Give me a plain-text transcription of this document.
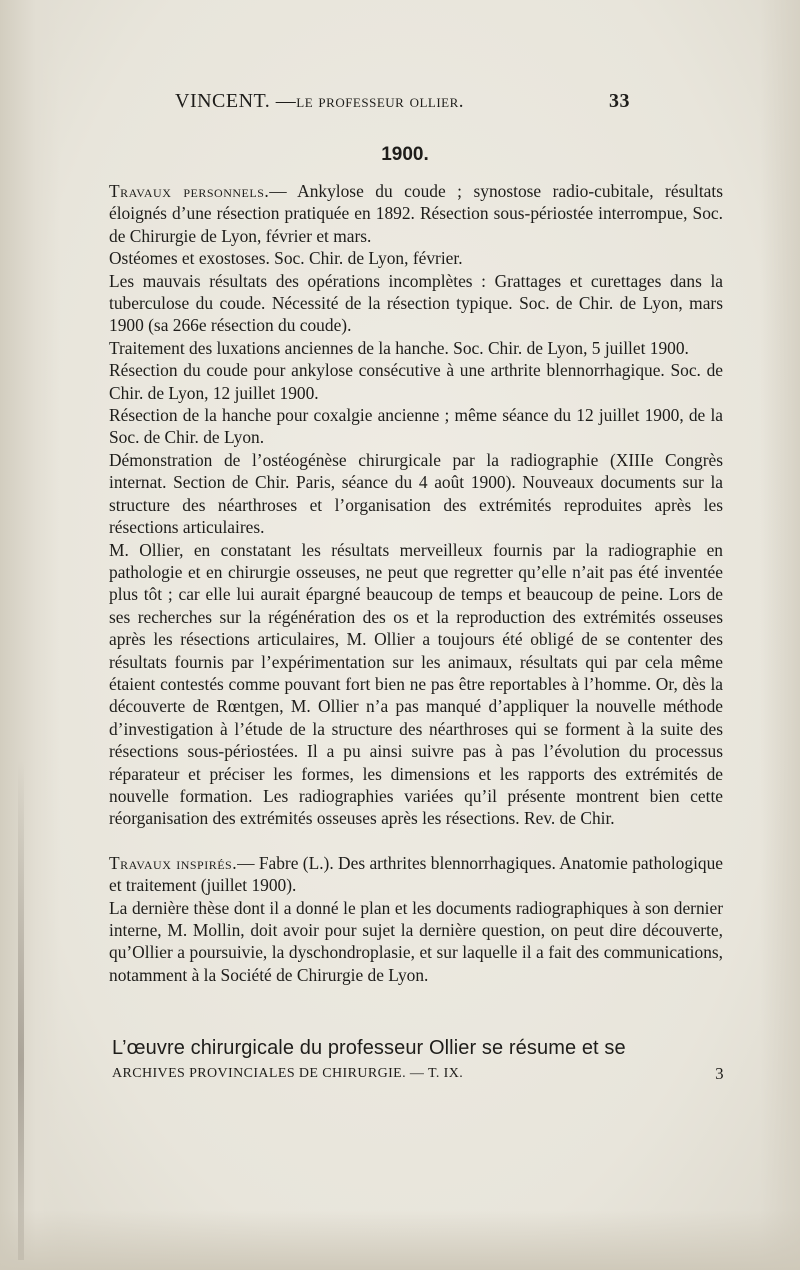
VINCENT. —le professeur ollier.	33
1900.

Travaux personnels.— Ankylose du coude ; synostose radio-cubitale, résultats éloignés d’une résection pratiquée en 1892. Résection sous-périostée interrompue, Soc. de Chirurgie de Lyon, février et mars.

Ostéomes et exostoses. Soc. Chir. de Lyon, février.

Les mauvais résultats des opérations incomplètes : Grattages et curettages dans la tuberculose du coude. Nécessité de la résection typique. Soc. de Chir. de Lyon, mars 1900 (sa 266e résection du coude).

Traitement des luxations anciennes de la hanche. Soc. Chir. de Lyon, 5 juillet 1900.

Résection du coude pour ankylose consécutive à une arthrite blennorrhagique. Soc. de Chir. de Lyon, 12 juillet 1900.

Résection de la hanche pour coxalgie ancienne ; même séance du 12 juillet 1900, de la Soc. de Chir. de Lyon.

Démonstration de l’ostéogénèse chirurgicale par la radiographie (XIIIe Congrès internat. Section de Chir. Paris, séance du 4 août 1900). Nouveaux documents sur la structure des néarthroses et l’organisation des extrémités reproduites après les résections articulaires.

M. Ollier, en constatant les résultats merveilleux fournis par la radiographie en pathologie et en chirurgie osseuses, ne peut que regretter qu’elle n’ait pas été inventée plus tôt ; car elle lui aurait épargné beaucoup de temps et beaucoup de peine. Lors de ses recherches sur la régénération des os et la reproduction des extrémités osseuses après les résections articulaires, M. Ollier a toujours été obligé de se contenter des résultats fournis par l’expérimentation sur les animaux, résultats qui par cela même étaient contestés comme pouvant fort bien ne pas être reportables à l’homme. Or, dès la découverte de Rœntgen, M. Ollier n’a pas manqué d’appliquer la nouvelle méthode d’investigation à l’étude de la structure des néarthroses qui se forment à la suite des résections sous-périostées. Il a pu ainsi suivre pas à pas l’évolution du processus réparateur et préciser les formes, les dimensions et les rapports des extrémités de nouvelle formation. Les radiographies variées qu’il présente montrent bien cette réorganisation des extrémités osseuses après les résections. Rev. de Chir.

Travaux inspirés.— Fabre (L.). Des arthrites blennorrhagiques. Anatomie pathologique et traitement (juillet 1900).

La dernière thèse dont il a donné le plan et les documents radiographiques à son dernier interne, M. Mollin, doit avoir pour sujet la dernière question, on peut dire découverte, qu’Ollier a poursuivie, la dyschondroplasie, et sur laquelle il a fait des communications, notamment à la Société de Chirurgie de Lyon.

L’œuvre chirurgicale du professeur Ollier se résume et se
ARCHIVES PROVINCIALES DE CHIRURGIE. — T. IX.	3
